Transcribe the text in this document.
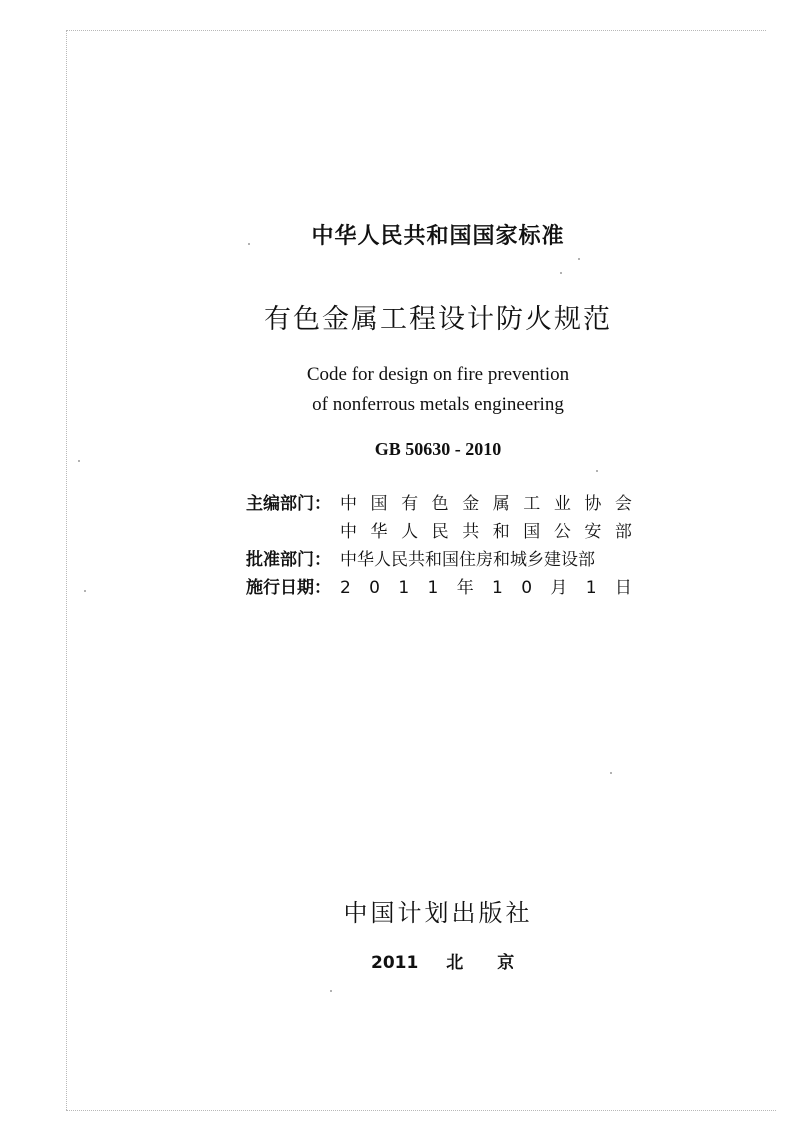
中华人民共和国国家标准
有色金属工程设计防火规范
Code for design on fire prevention
of nonferrous metals engineering
GB 50630 - 2010
主编部门： 中 国 有 色 金 属 工 业 协 会
中 华 人 民 共 和 国 公 安 部
批准部门： 中华人民共和国住房和城乡建设部
施行日期： 2 0 1 1 年 1 0 月 1 日
中国计划出版社
2011 北京
